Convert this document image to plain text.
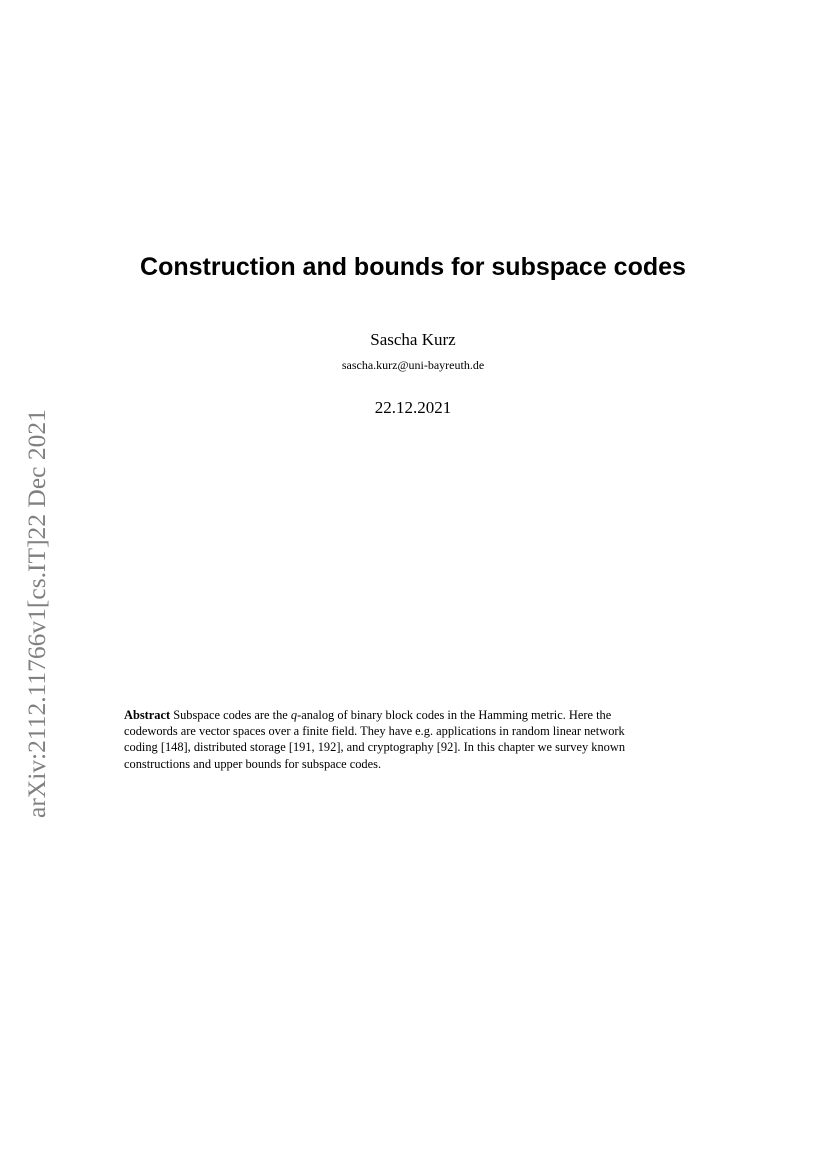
Construction and bounds for subspace codes
Sascha Kurz
sascha.kurz@uni-bayreuth.de
22.12.2021

Abstract Subspace codes are the q-analog of binary block codes in the Hamming metric. Here the
codewords are vector spaces over a finite field. They have e.g. applications in random linear network
coding [148], distributed storage [191, 192], and cryptography [92]. In this chapter we survey known
constructions and upper bounds for subspace codes.

arXiv:2112.11766v1[cs.IT]22 Dec 2021
